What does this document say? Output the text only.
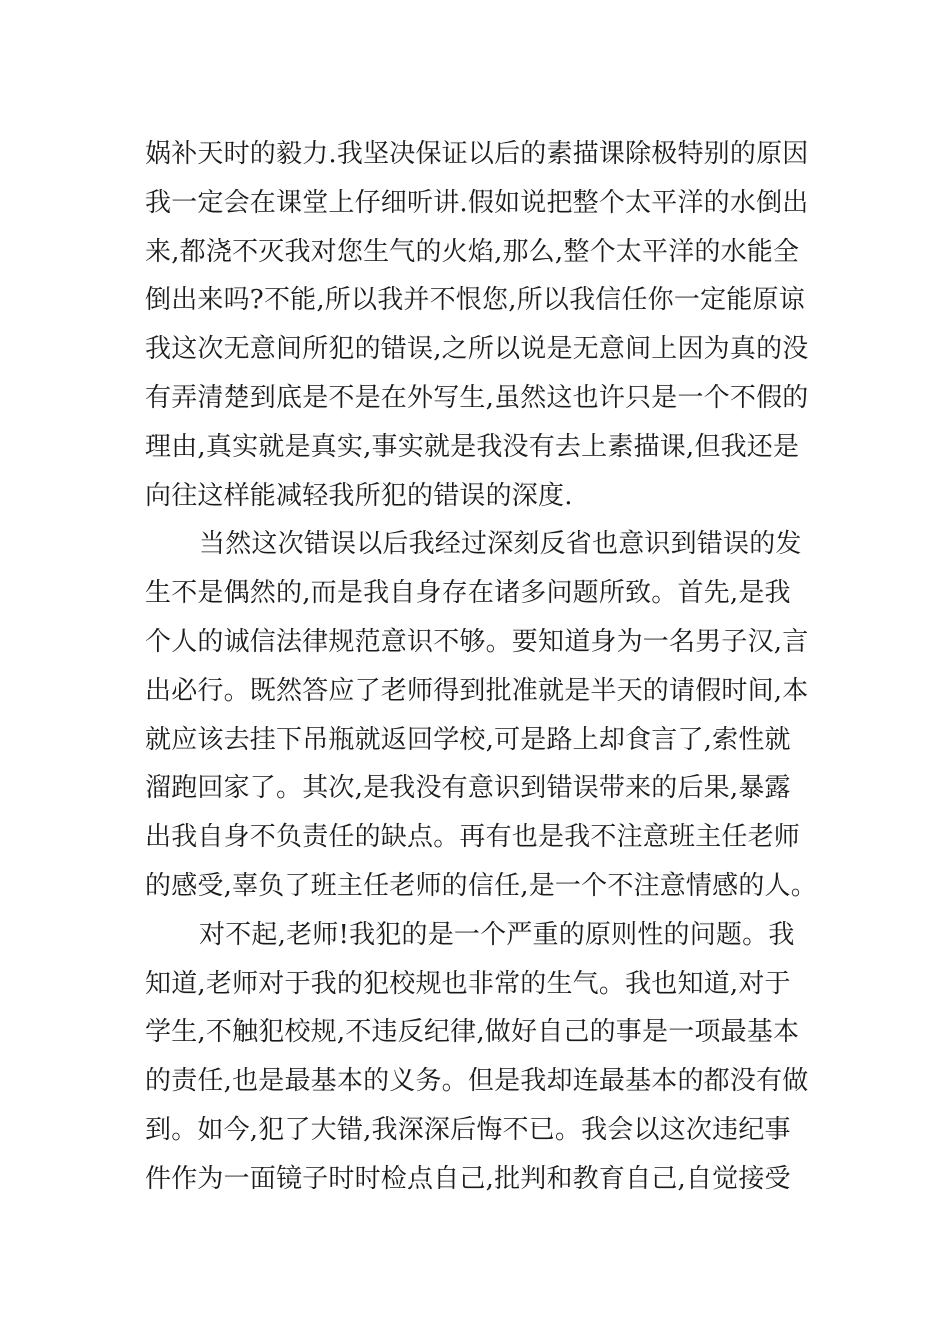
娲补天时的毅力.我坚决保证以后的素描课除极特别的原因
我一定会在课堂上仔细听讲.假如说把整个太平洋的水倒出
来,都浇不灭我对您生气的火焰,那么,整个太平洋的水能全
倒出来吗?不能,所以我并不恨您,所以我信任你一定能原谅
我这次无意间所犯的错误,之所以说是无意间上因为真的没
有弄清楚到底是不是在外写生,虽然这也许只是一个不假的
理由,真实就是真实,事实就是我没有去上素描课,但我还是
向往这样能减轻我所犯的错误的深度.
当然这次错误以后我经过深刻反省也意识到错误的发
生不是偶然的,而是我自身存在诸多问题所致。首先,是我
个人的诚信法律规范意识不够。要知道身为一名男子汉,言
出必行。既然答应了老师得到批准就是半天的请假时间,本
就应该去挂下吊瓶就返回学校,可是路上却食言了,索性就
溜跑回家了。其次,是我没有意识到错误带来的后果,暴露
出我自身不负责任的缺点。再有也是我不注意班主任老师
的感受,辜负了班主任老师的信任,是一个不注意情感的人。
对不起,老师!我犯的是一个严重的原则性的问题。我
知道,老师对于我的犯校规也非常的生气。我也知道,对于
学生,不触犯校规,不违反纪律,做好自己的事是一项最基本
的责任,也是最基本的义务。但是我却连最基本的都没有做
到。如今,犯了大错,我深深后悔不已。我会以这次违纪事
件作为一面镜子时时检点自己,批判和教育自己,自觉接受
